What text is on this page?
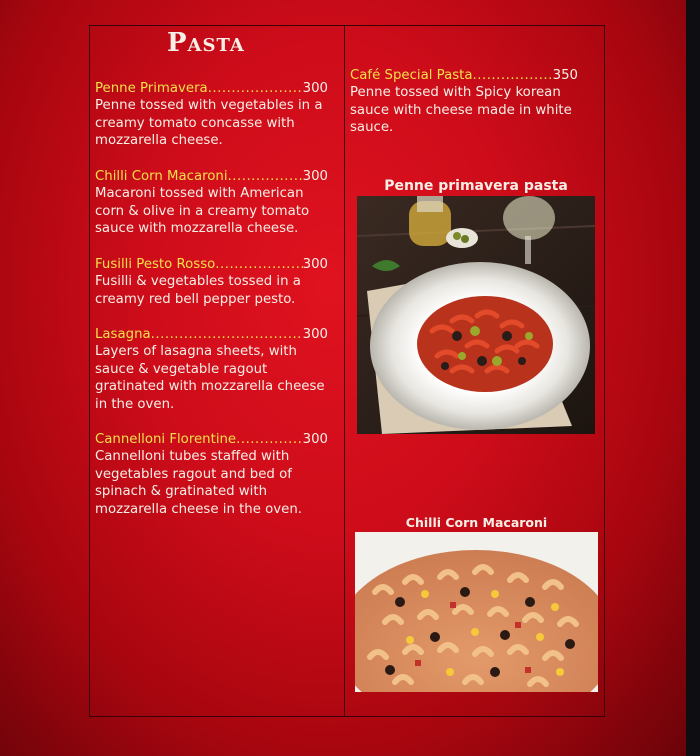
Pasta
Penne Primavera .....	300
Penne tossed with vegetables in a creamy tomato concasse with mozzarella cheese.
Chilli Corn Macaroni .....	300
Macaroni tossed with American corn & olive in a creamy tomato sauce with mozzarella cheese.
Fusilli Pesto Rosso .....	300
Fusilli & vegetables tossed in a creamy red bell pepper pesto.
Lasagna .....	300
Layers of lasagna sheets, with sauce & vegetable ragout gratinated with mozzarella cheese in the oven.
Cannelloni Florentine .....	300
Cannelloni tubes staffed with vegetables ragout and bed of spinach & gratinated with mozzarella cheese in the oven.
Café Special Pasta .....	350
Penne tossed with Spicy korean sauce with cheese made in white sauce.
Penne primavera pasta
Chilli Corn Macaroni
